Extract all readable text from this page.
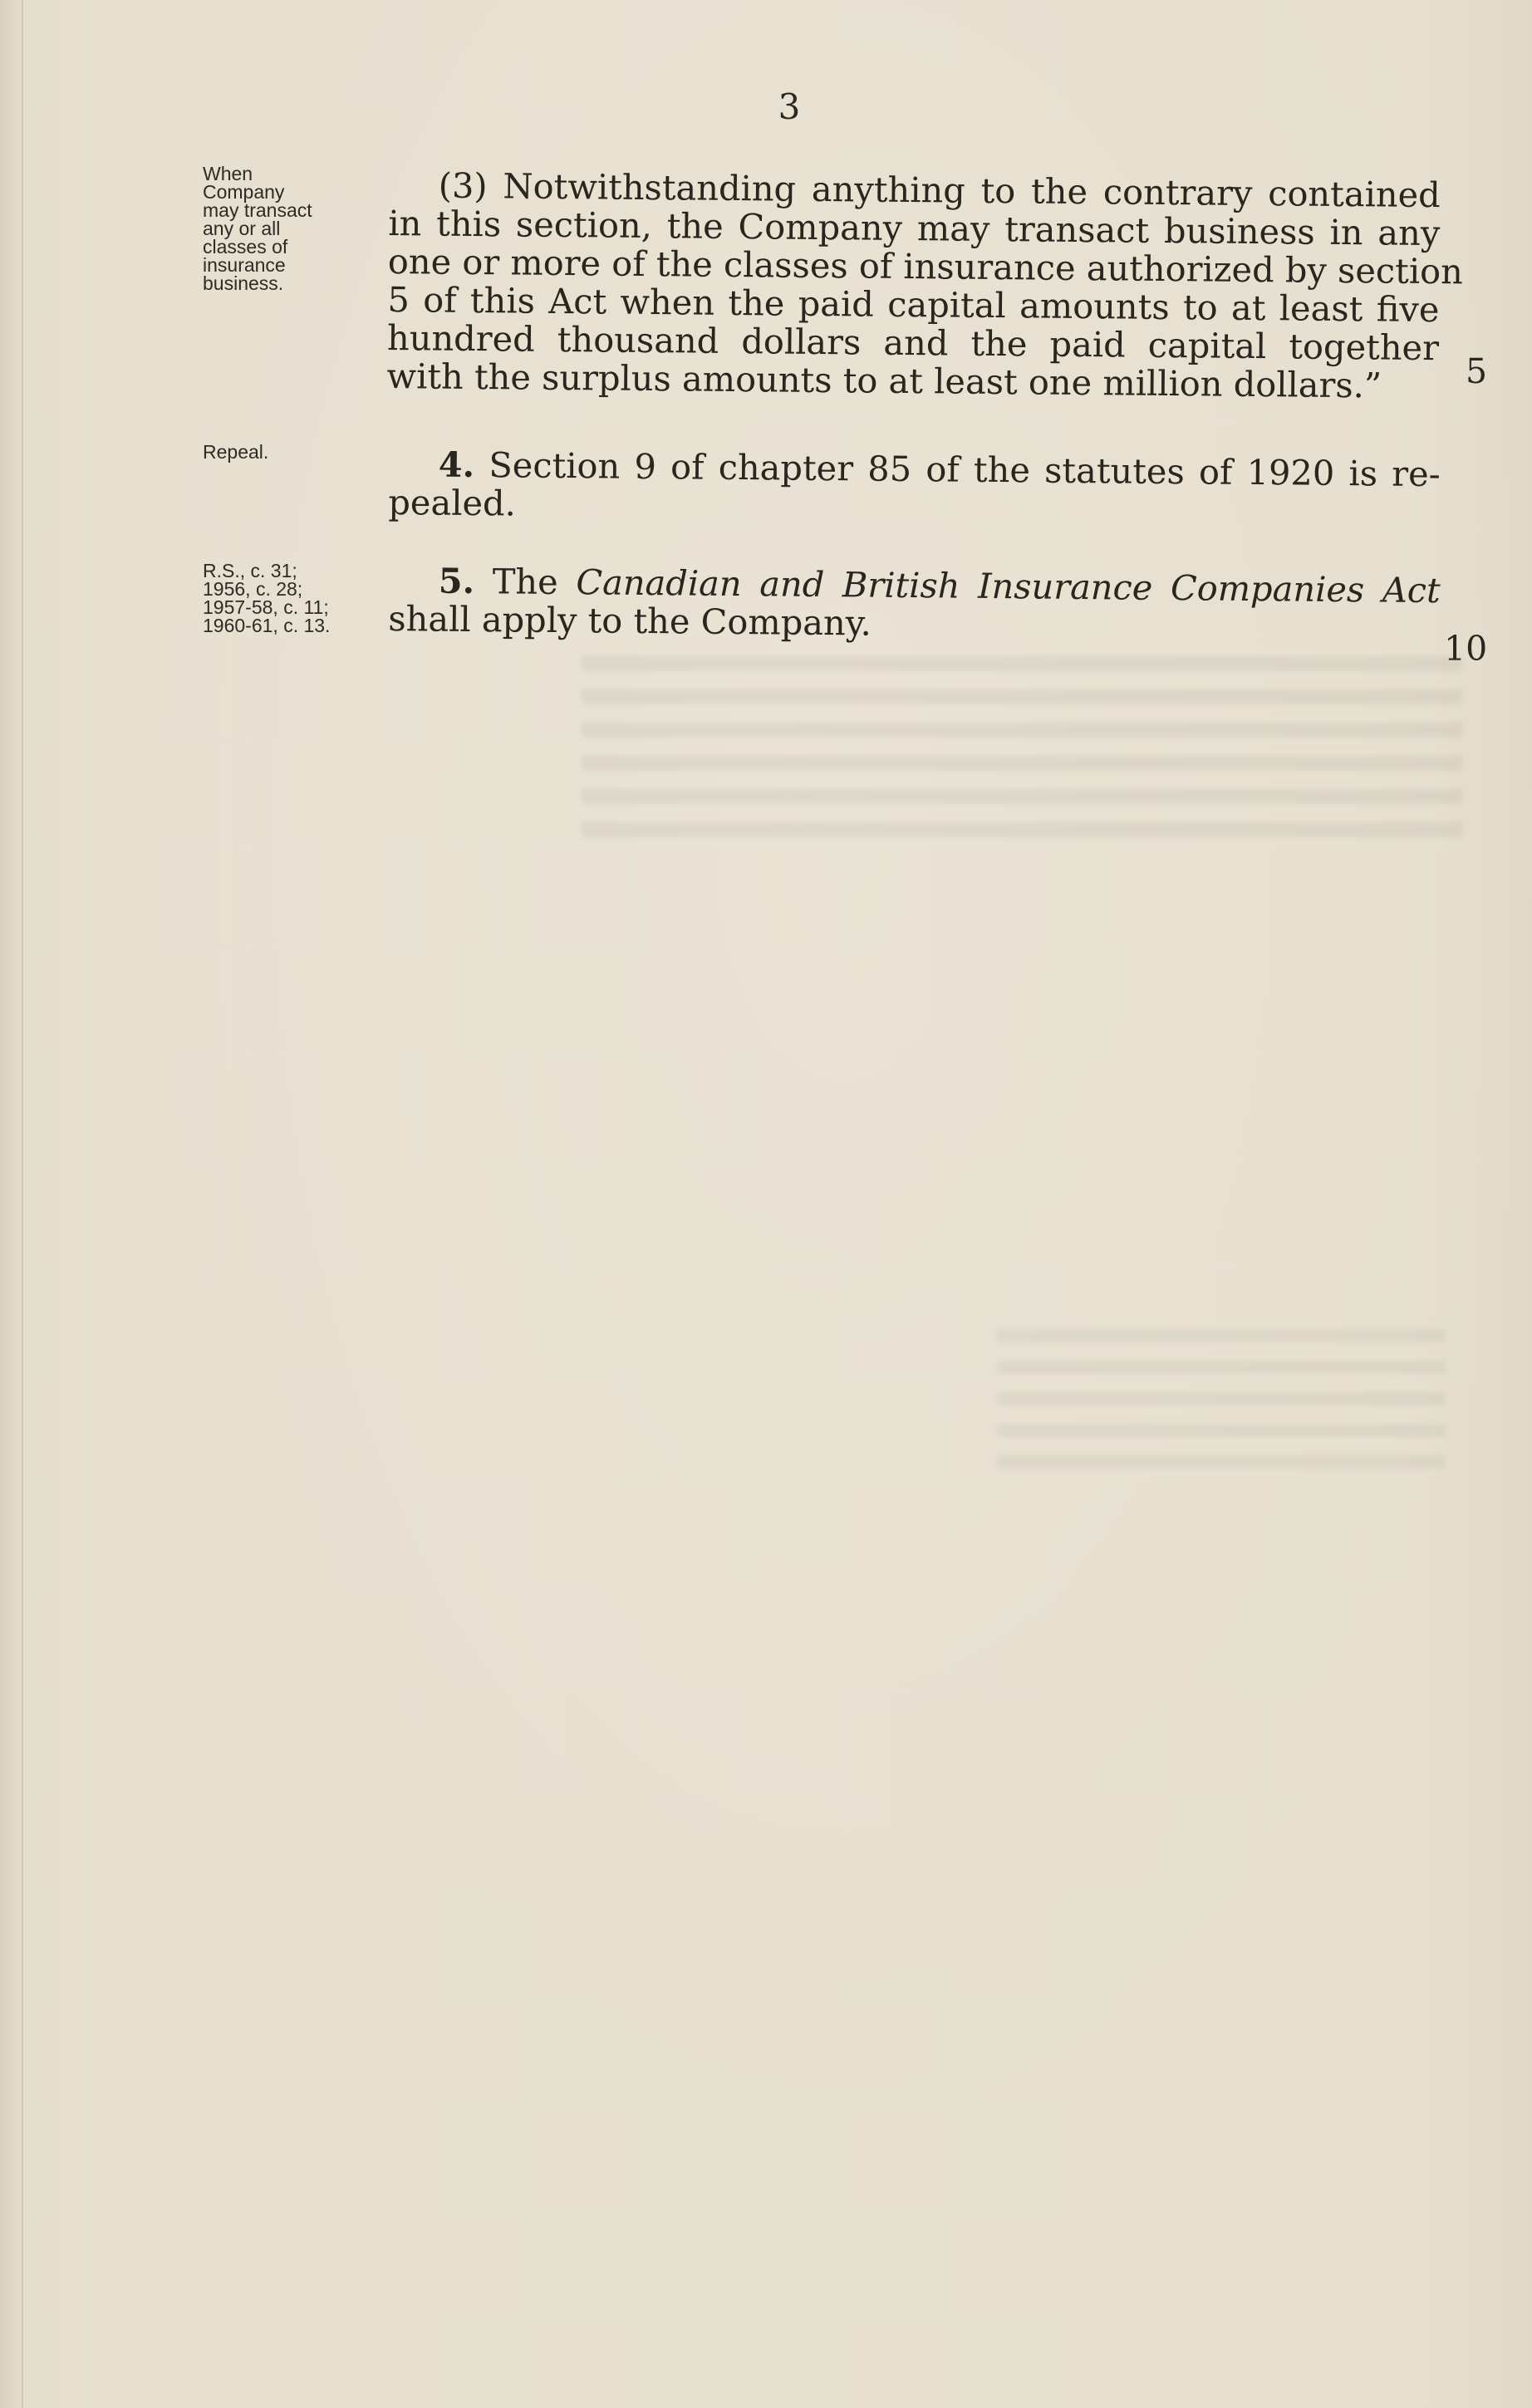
3
When
Company
may transact
any or all
classes of
insurance
business.
(3) Notwithstanding anything to the contrary contained
in this section, the Company may transact business in any
one or more of the classes of insurance authorized by section
5 of this Act when the paid capital amounts to at least five
hundred thousand dollars and the paid capital together
with the surplus amounts to at least one million dollars.”	5
Repeal.	4. Section 9 of chapter 85 of the statutes of 1920 is re-
pealed.
R.S., c. 31;
1956, c. 28;
1957-58, c. 11;
1960-61, c. 13.
5. The Canadian and British Insurance Companies Act
shall apply to the Company.
10
